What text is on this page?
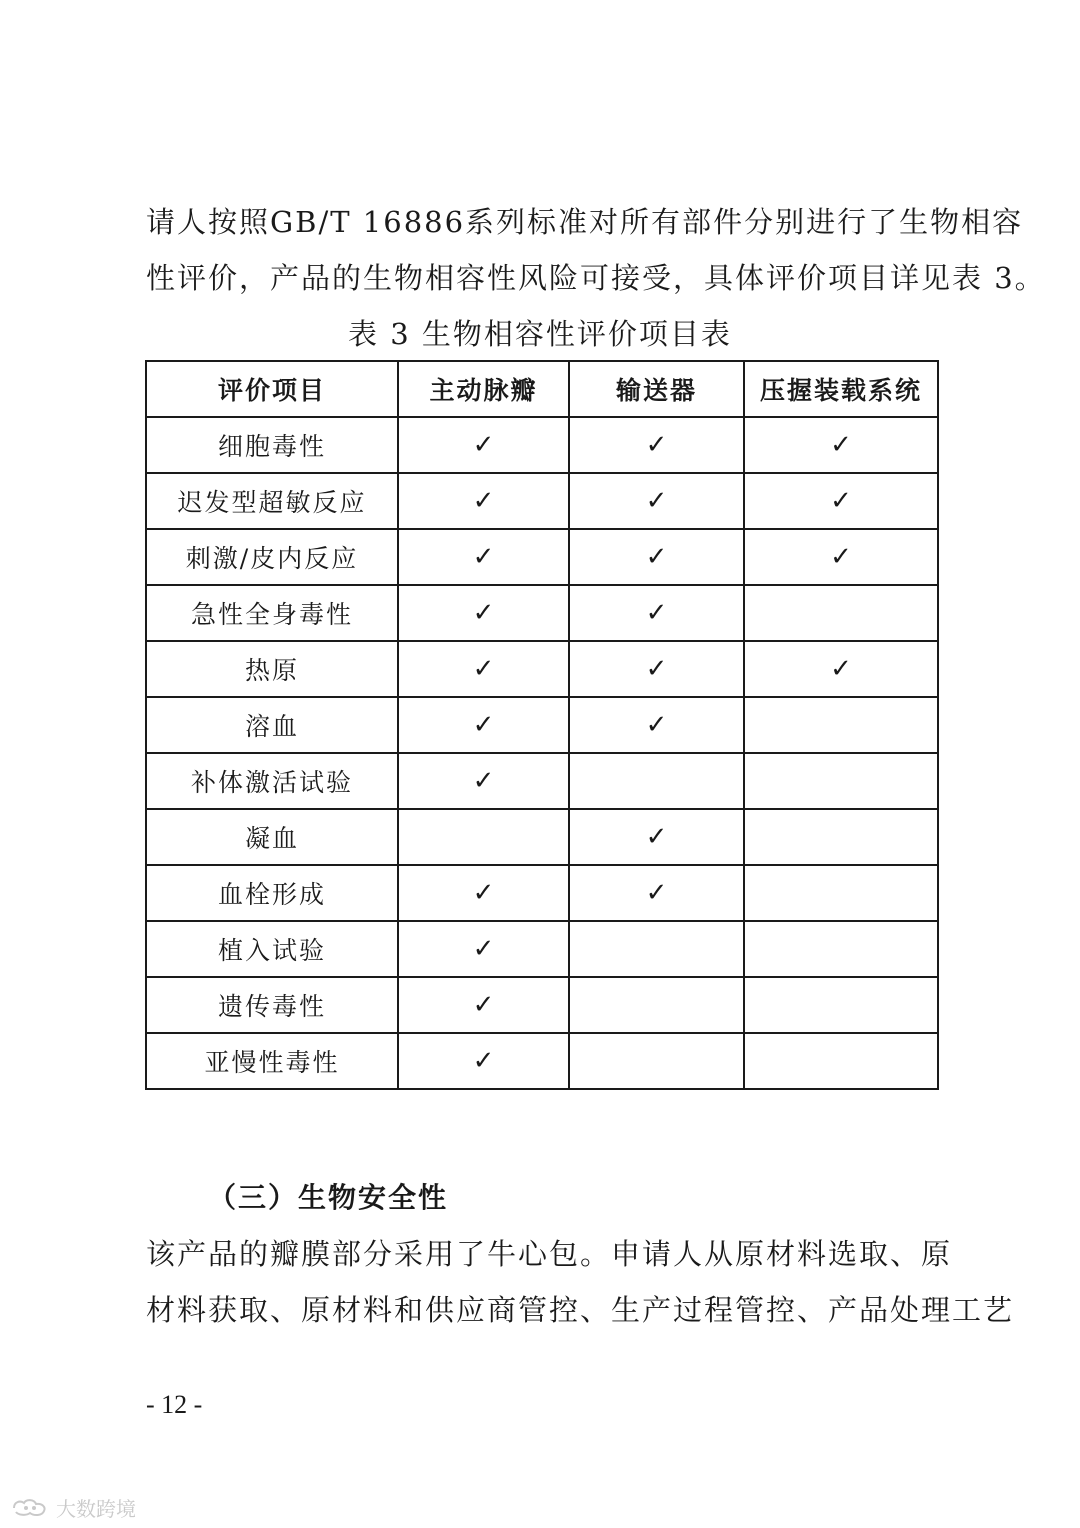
请人按照GB/T 16886系列标准对所有部件分别进行了生物相容
性评价，产品的生物相容性风险可接受，具体评价项目详见表 3。
表 3 生物相容性评价项目表
评价项目	主动脉瓣	输送器	压握装载系统
细胞毒性	✓	✓	✓
迟发型超敏反应	✓	✓	✓
刺激/皮内反应	✓	✓	✓
急性全身毒性	✓	✓	
热原	✓	✓	✓
溶血	✓	✓	
补体激活试验	✓		
凝血		✓	
血栓形成	✓	✓	
植入试验	✓		
遗传毒性	✓		
亚慢性毒性	✓		
（三）生物安全性
该产品的瓣膜部分采用了牛心包。申请人从原材料选取、原
材料获取、原材料和供应商管控、生产过程管控、产品处理工艺
- 12 -
大数跨境
